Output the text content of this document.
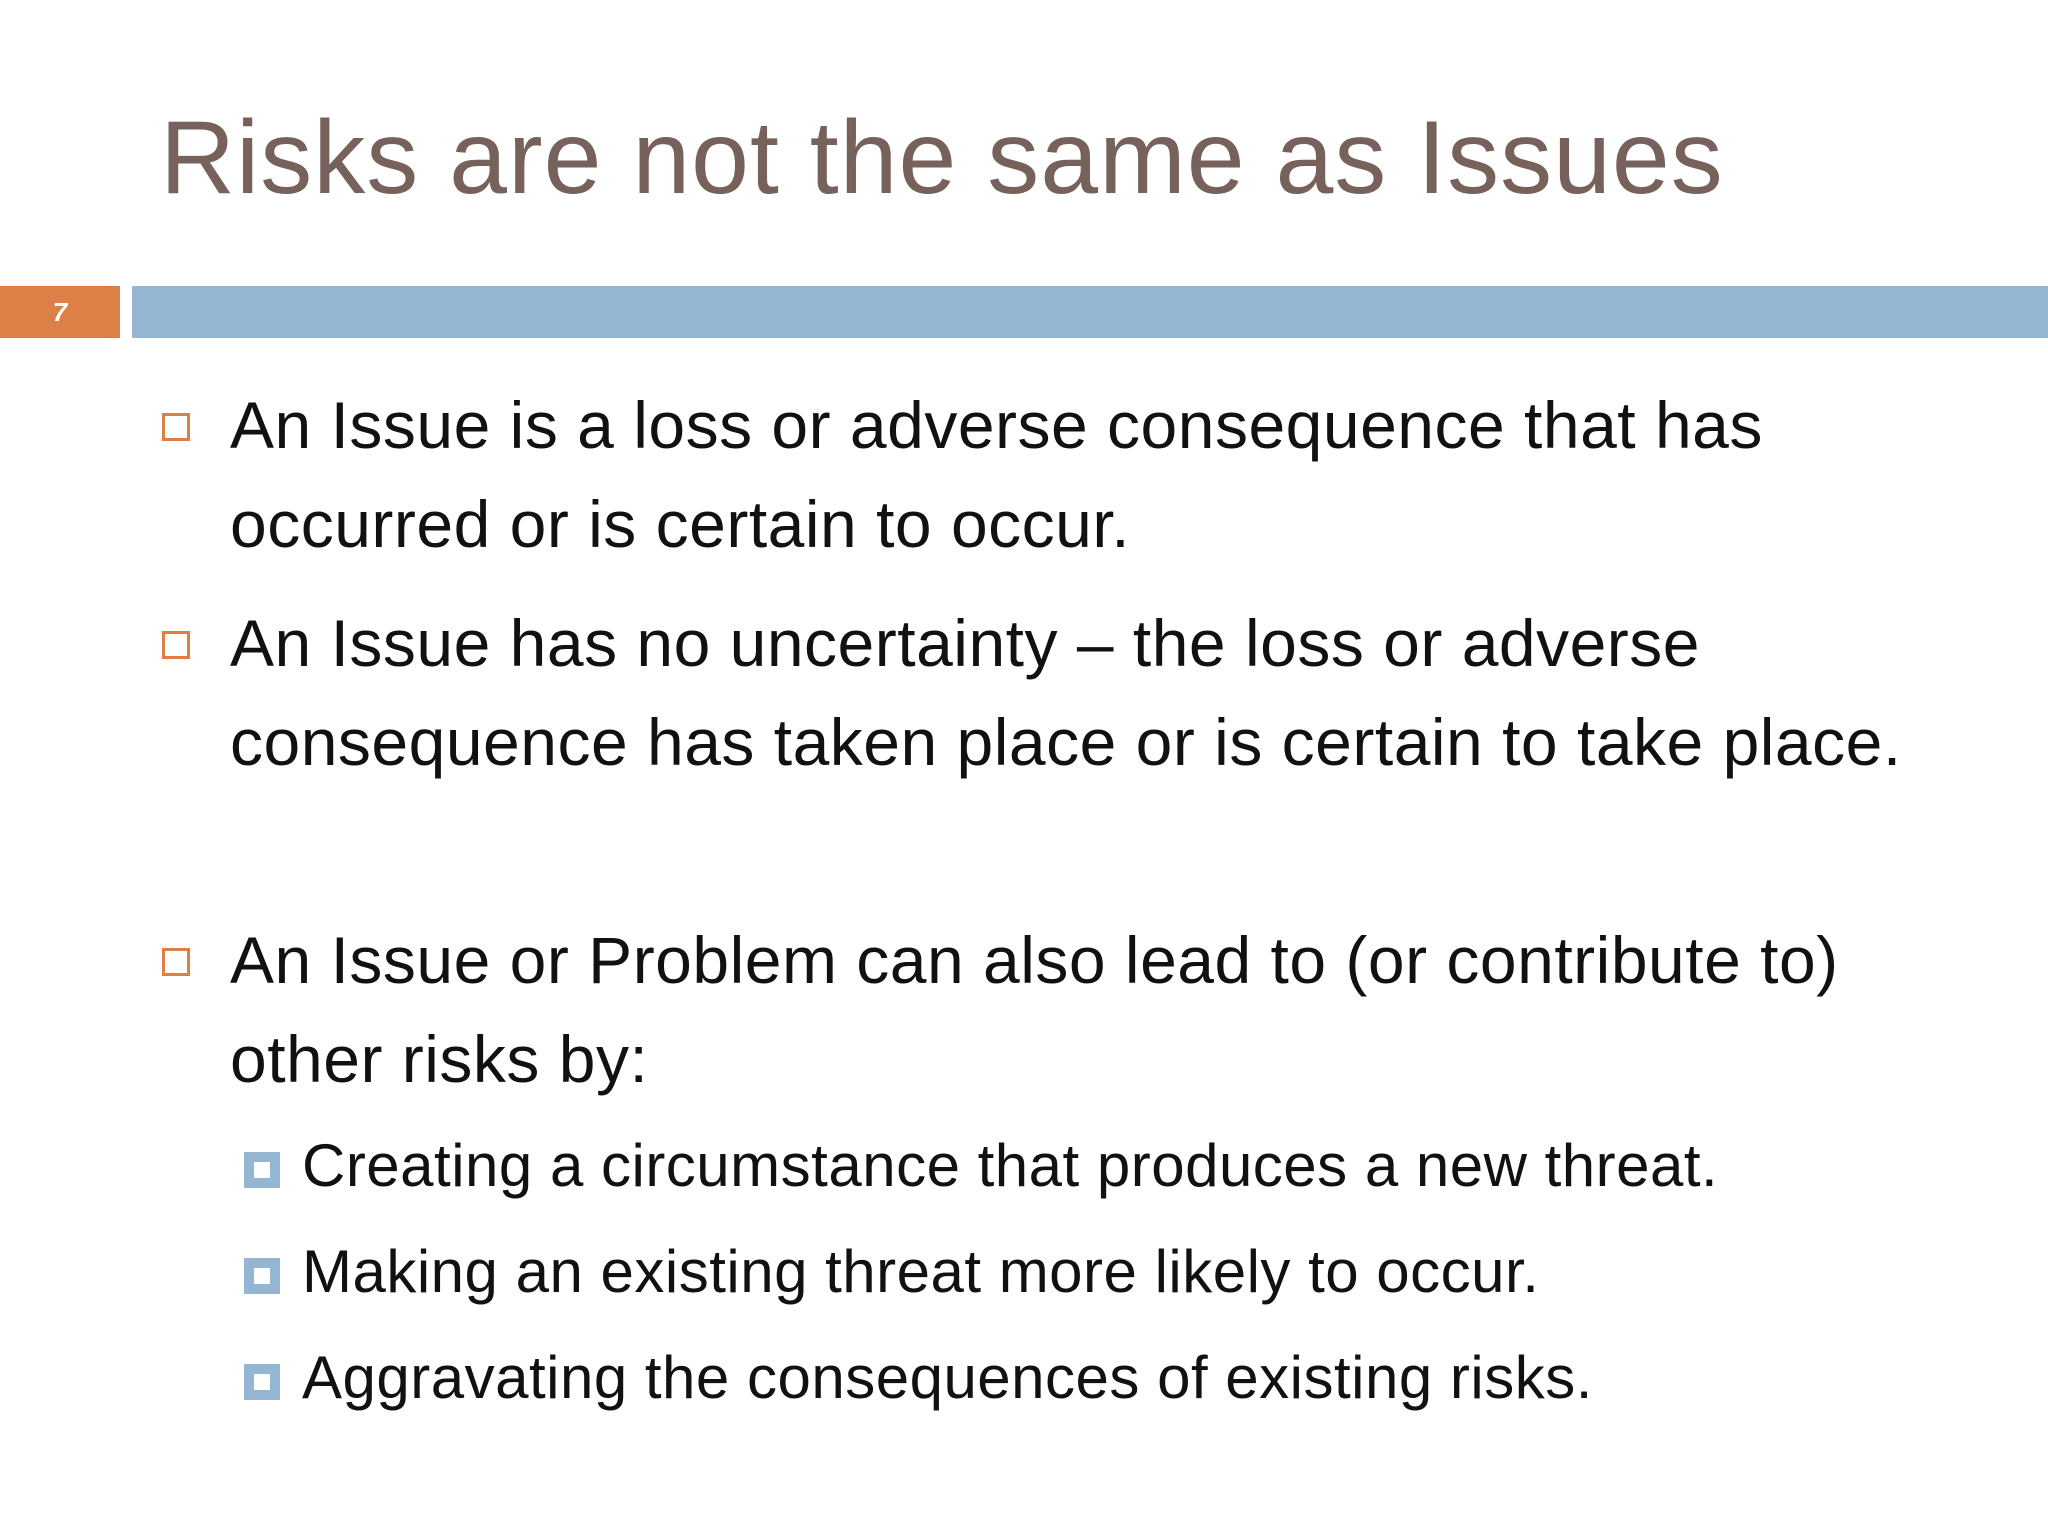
Risks are not the same as Issues
7
An Issue is a loss or adverse consequence that has occurred or is certain to occur.
An Issue has no uncertainty – the loss or adverse consequence has taken place or is certain to take place.
An Issue or Problem can also lead to (or contribute to) other risks by:
Creating a circumstance that produces a new threat.
Making an existing threat more likely to occur.
Aggravating the consequences of existing risks.
